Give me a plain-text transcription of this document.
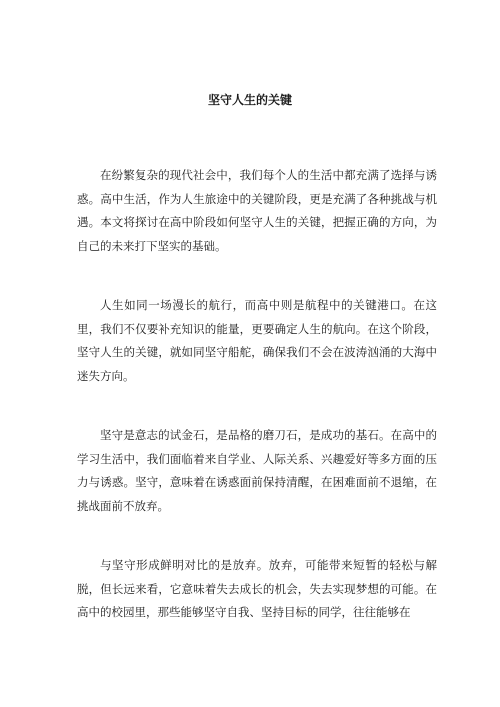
坚守人生的关键

在纷繁复杂的现代社会中，我们每个人的生活中都充满了选择与诱惑。高中生活，作为人生旅途中的关键阶段，更是充满了各种挑战与机遇。本文将探讨在高中阶段如何坚守人生的关键，把握正确的方向，为自己的未来打下坚实的基础。

人生如同一场漫长的航行，而高中则是航程中的关键港口。在这里，我们不仅要补充知识的能量，更要确定人生的航向。在这个阶段，坚守人生的关键，就如同坚守船舵，确保我们不会在波涛汹涌的大海中迷失方向。

坚守是意志的试金石，是品格的磨刀石，是成功的基石。在高中的学习生活中，我们面临着来自学业、人际关系、兴趣爱好等多方面的压力与诱惑。坚守，意味着在诱惑面前保持清醒，在困难面前不退缩，在挑战面前不放弃。

与坚守形成鲜明对比的是放弃。放弃，可能带来短暂的轻松与解脱，但长远来看，它意味着失去成长的机会，失去实现梦想的可能。在高中的校园里，那些能够坚守自我、坚持目标的同学，往往能够在
